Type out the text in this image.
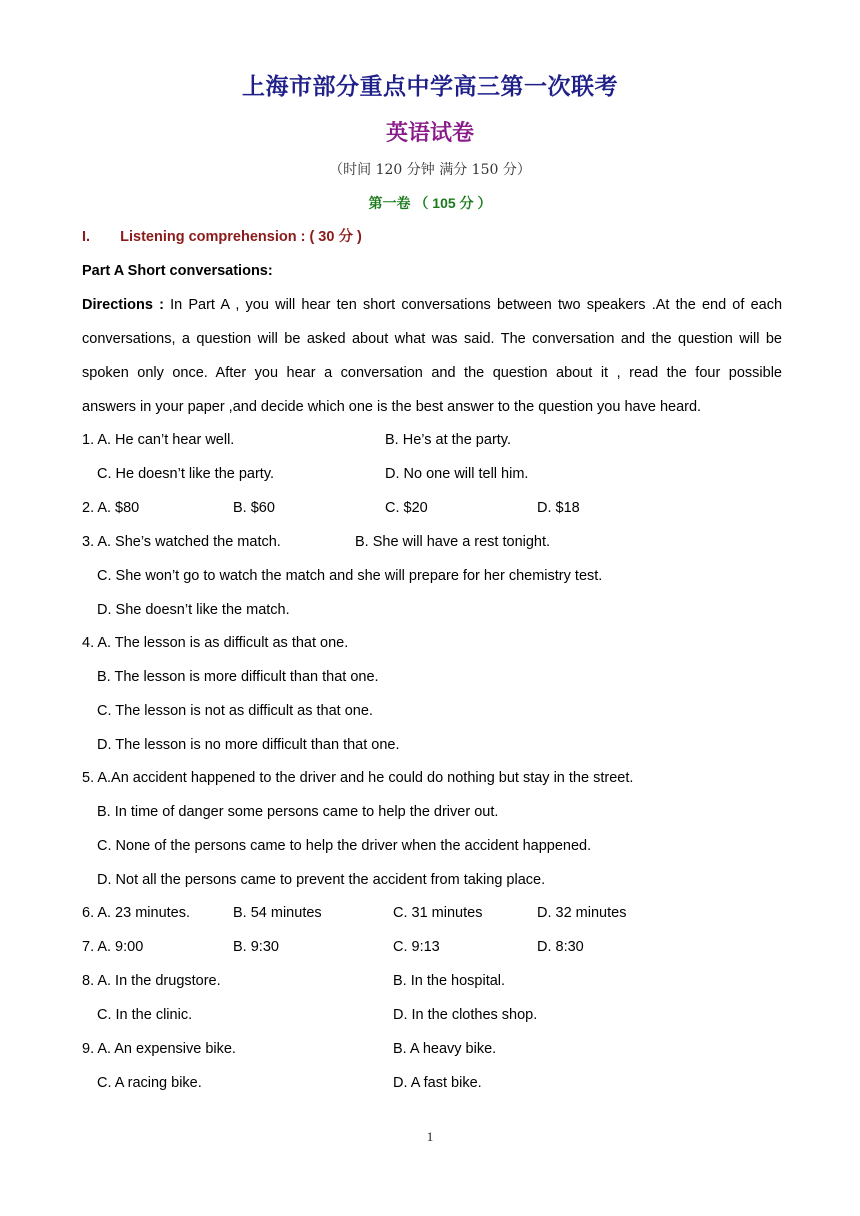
上海市部分重点中学高三第一次联考
英语试卷
（时间 120 分钟 满分 150 分）
第一卷 （ 105 分 ）
I. Listening comprehension : ( 30 分 )
Part A Short conversations:
Directions : In Part A , you will hear ten short conversations between two speakers .At the end of each
conversations, a question will be asked about what was said. The conversation and the question will be
spoken only once. After you hear a conversation and the question about it , read the four possible
answers in your paper ,and decide which one is the best answer to the question you have heard.
1. A. He can’t hear well.	B. He’s at the party.
C. He doesn’t like the party.	D. No one will tell him.
2. A. $80	B. $60	C. $20	D. $18
3. A. She’s watched the match.	B. She will have a rest tonight.
C. She won’t go to watch the match and she will prepare for her chemistry test.
D. She doesn’t like the match.
4. A. The lesson is as difficult as that one.
B. The lesson is more difficult than that one.
C. The lesson is not as difficult as that one.
D. The lesson is no more difficult than that one.
5. A.An accident happened to the driver and he could do nothing but stay in the street.
B. In time of danger some persons came to help the driver out.
C. None of the persons came to help the driver when the accident happened.
D. Not all the persons came to prevent the accident from taking place.
6. A. 23 minutes.	B. 54 minutes	C. 31 minutes	D. 32 minutes
7. A. 9:00	B. 9:30	C. 9:13	D. 8:30
8. A. In the drugstore.	B. In the hospital.
C. In the clinic.	D. In the clothes shop.
9. A. An expensive bike.	B. A heavy bike.
C. A racing bike.	D. A fast bike.
1
